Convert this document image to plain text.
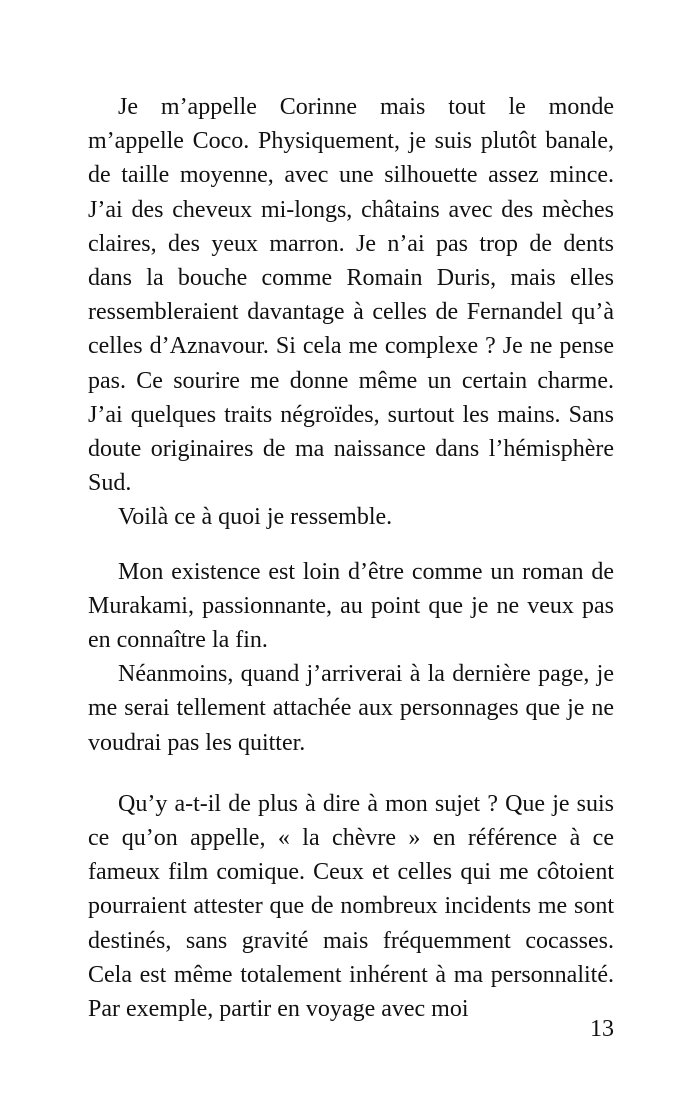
Je m’appelle Corinne mais tout le monde m’appelle Coco. Physiquement, je suis plutôt banale, de taille moyenne, avec une silhouette assez mince. J’ai des cheveux mi-longs, châtains avec des mèches claires, des yeux marron. Je n’ai pas trop de dents dans la bouche comme Romain Duris, mais elles ressembleraient davantage à celles de Fernandel qu’à celles d’Aznavour. Si cela me complexe ? Je ne pense pas. Ce sourire me donne même un certain charme. J’ai quelques traits négroïdes, surtout les mains. Sans doute originaires de ma naissance dans l’hémisphère Sud.

Voilà ce à quoi je ressemble.

Mon existence est loin d’être comme un roman de Murakami, passionnante, au point que je ne veux pas en connaître la fin.

Néanmoins, quand j’arriverai à la dernière page, je me serai tellement attachée aux personnages que je ne voudrai pas les quitter.

Qu’y a-t-il de plus à dire à mon sujet ? Que je suis ce qu’on appelle, « la chèvre » en référence à ce fameux film comique. Ceux et celles qui me côtoient pourraient attester que de nombreux incidents me sont destinés, sans gravité mais fréquemment cocasses. Cela est même totalement inhérent à ma personnalité. Par exemple, partir en voyage avec moi

13
